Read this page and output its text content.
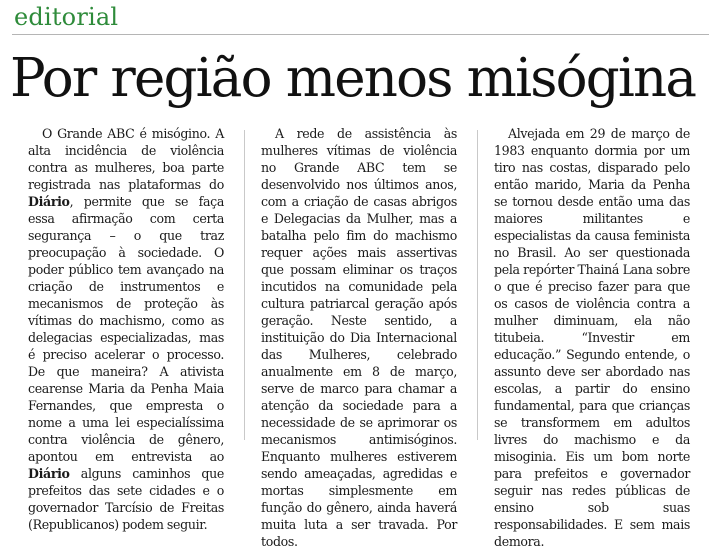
editorial
Por região menos misógina

O Grande ABC é misógino. A alta incidência de violência contra as mulheres, boa parte registrada nas plataformas do Diário, permite que se faça essa afirmação com certa segurança – o que traz preocupação à sociedade. O poder público tem avançado na criação de instrumentos e mecanismos de proteção às vítimas do machismo, como as delegacias especializadas, mas é preciso acelerar o processo. De que maneira? A ativista cearense Maria da Penha Maia Fernandes, que empresta o nome a uma lei especialíssima contra violência de gênero, apontou em entrevista ao Diário alguns caminhos que prefeitos das sete cidades e o governador Tarcísio de Freitas (Republicanos) podem seguir.

A rede de assistência às mulheres vítimas de violência no Grande ABC tem se desenvolvido nos últimos anos, com a criação de casas abrigos e Delegacias da Mulher, mas a batalha pelo fim do machismo requer ações mais assertivas que possam eliminar os traços incutidos na comunidade pela cultura patriarcal geração após geração. Neste sentido, a instituição do Dia Internacional das Mulheres, celebrado anualmente em 8 de março, serve de marco para chamar a atenção da sociedade para a necessidade de se aprimorar os mecanismos antimisóginos. Enquanto mulheres estiverem sendo ameaçadas, agredidas e mortas simplesmente em função do gênero, ainda haverá muita luta a ser travada. Por todos.

Alvejada em 29 de março de 1983 enquanto dormia por um tiro nas costas, disparado pelo então marido, Maria da Penha se tornou desde então uma das maiores militantes e especialistas da causa feminista no Brasil. Ao ser questionada pela repórter Thainá Lana sobre o que é preciso fazer para que os casos de violência contra a mulher diminuam, ela não titubeia. “Investir em educação.” Segundo entende, o assunto deve ser abordado nas escolas, a partir do ensino fundamental, para que crianças se transformem em adultos livres do machismo e da misoginia. Eis um bom norte para prefeitos e governador seguir nas redes públicas de ensino sob suas responsabilidades. E sem mais demora.
